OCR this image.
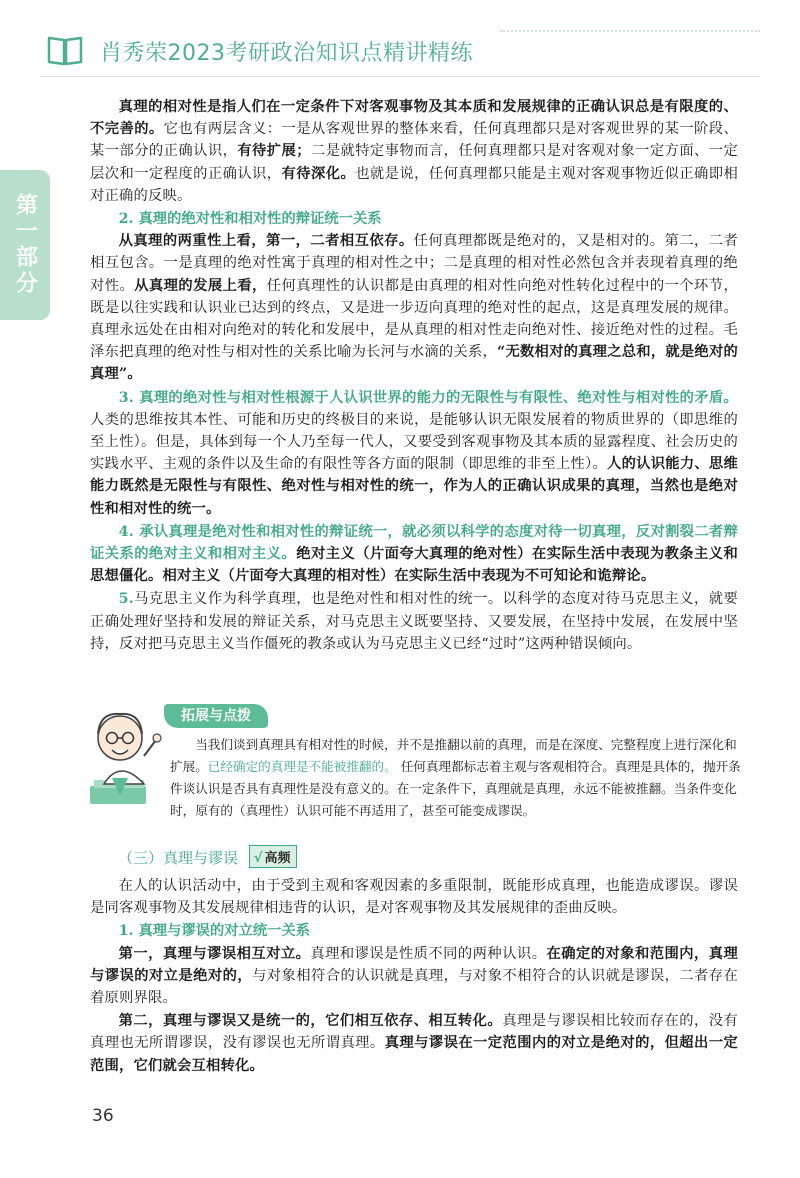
肖秀荣2023考研政治知识点精讲精练
第一部分

真理的相对性是指人们在一定条件下对客观事物及其本质和发展规律的正确认识总是有限度的、不完善的。它也有两层含义：一是从客观世界的整体来看，任何真理都只是对客观世界的某一阶段、某一部分的正确认识，有待扩展；二是就特定事物而言，任何真理都只是对客观对象一定方面、一定层次和一定程度的正确认识，有待深化。也就是说，任何真理都只能是主观对客观事物近似正确即相对正确的反映。

2. 真理的绝对性和相对性的辩证统一关系

从真理的两重性上看，第一，二者相互依存。任何真理都既是绝对的，又是相对的。第二，二者相互包含。一是真理的绝对性寓于真理的相对性之中；二是真理的相对性必然包含并表现着真理的绝对性。从真理的发展上看，任何真理性的认识都是由真理的相对性向绝对性转化过程中的一个环节，既是以往实践和认识业已达到的终点，又是进一步迈向真理的绝对性的起点，这是真理发展的规律。真理永远处在由相对向绝对的转化和发展中，是从真理的相对性走向绝对性、接近绝对性的过程。毛泽东把真理的绝对性与相对性的关系比喻为长河与水滴的关系，“无数相对的真理之总和，就是绝对的真理”。

3. 真理的绝对性与相对性根源于人认识世界的能力的无限性与有限性、绝对性与相对性的矛盾。人类的思维按其本性、可能和历史的终极目的来说，是能够认识无限发展着的物质世界的（即思维的至上性）。但是，具体到每一个人乃至每一代人，又要受到客观事物及其本质的显露程度、社会历史的实践水平、主观的条件以及生命的有限性等各方面的限制（即思维的非至上性）。人的认识能力、思维能力既然是无限性与有限性、绝对性与相对性的统一，作为人的正确认识成果的真理，当然也是绝对性和相对性的统一。

4. 承认真理是绝对性和相对性的辩证统一，就必须以科学的态度对待一切真理，反对割裂二者辩证关系的绝对主义和相对主义。绝对主义（片面夸大真理的绝对性）在实际生活中表现为教条主义和思想僵化。相对主义（片面夸大真理的相对性）在实际生活中表现为不可知论和诡辩论。

5.马克思主义作为科学真理，也是绝对性和相对性的统一。以科学的态度对待马克思主义，就要正确处理好坚持和发展的辩证关系，对马克思主义既要坚持、又要发展，在坚持中发展，在发展中坚持，反对把马克思主义当作僵死的教条或认为马克思主义已经“过时”这两种错误倾向。

拓展与点拨
当我们谈到真理具有相对性的时候，并不是推翻以前的真理，而是在深度、完整程度上进行深化和扩展。已经确定的真理是不能被推翻的。 任何真理都标志着主观与客观相符合。真理是具体的，抛开条件谈认识是否具有真理性是没有意义的。在一定条件下，真理就是真理，永远不能被推翻。当条件变化时，原有的（真理性）认识可能不再适用了，甚至可能变成谬误。
（三）真理与谬误 √ 高频

在人的认识活动中，由于受到主观和客观因素的多重限制，既能形成真理，也能造成谬误。谬误是同客观事物及其发展规律相违背的认识，是对客观事物及其发展规律的歪曲反映。

1. 真理与谬误的对立统一关系

第一，真理与谬误相互对立。真理和谬误是性质不同的两种认识。在确定的对象和范围内，真理与谬误的对立是绝对的，与对象相符合的认识就是真理，与对象不相符合的认识就是谬误，二者存在着原则界限。

第二，真理与谬误又是统一的，它们相互依存、相互转化。真理是与谬误相比较而存在的，没有真理也无所谓谬误，没有谬误也无所谓真理。真理与谬误在一定范围内的对立是绝对的，但超出一定范围，它们就会互相转化。

36
